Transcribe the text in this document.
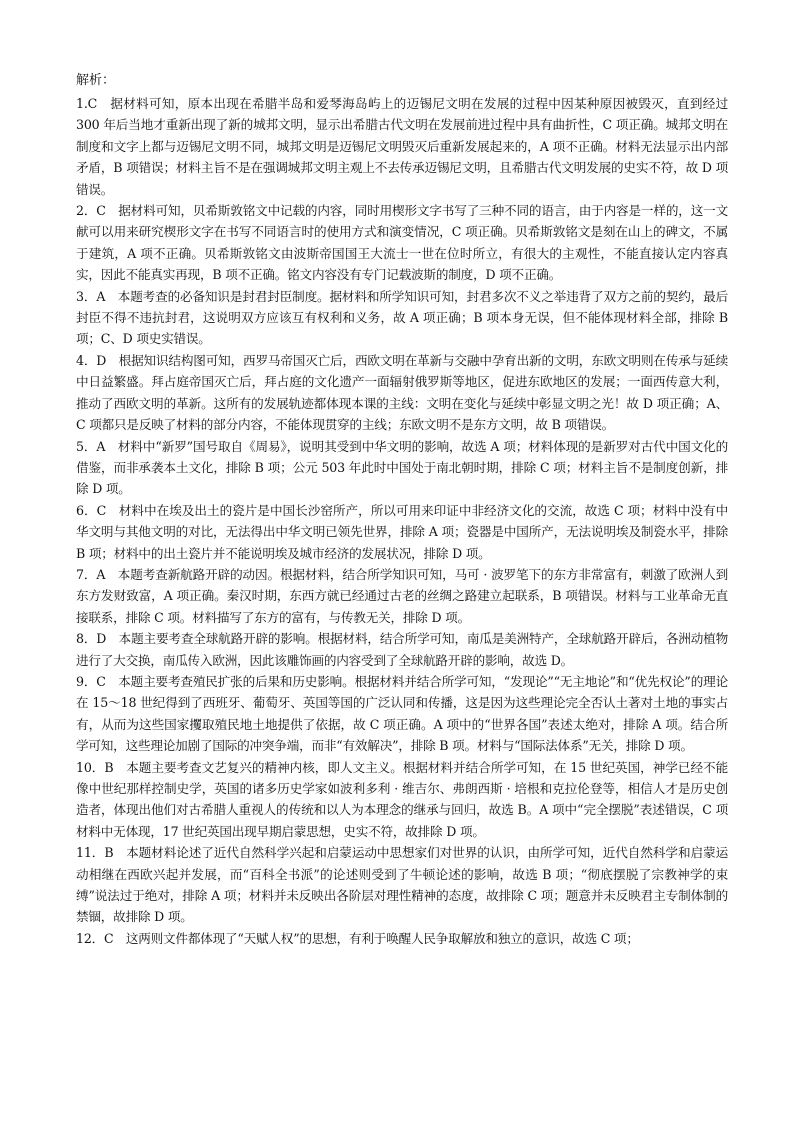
解析：

1.C　据材料可知，原本出现在希腊半岛和爱琴海岛屿上的迈锡尼文明在发展的过程中因某种原因被毁灭，直到经过 300 年后当地才重新出现了新的城邦文明，显示出希腊古代文明在发展前进过程中具有曲折性，C 项正确。城邦文明在制度和文字上都与迈锡尼文明不同，城邦文明是迈锡尼文明毁灭后重新发展起来的，A 项不正确。材料无法显示出内部矛盾，B 项错误；材料主旨不是在强调城邦文明主观上不去传承迈锡尼文明，且希腊古代文明发展的史实不符，故 D 项错误。

2．C　据材料可知，贝希斯敦铭文中记载的内容，同时用楔形文字书写了三种不同的语言，由于内容是一样的，这一文献可以用来研究楔形文字在书写不同语言时的使用方式和演变情况，C 项正确。贝希斯敦铭文是刻在山上的碑文，不属于建筑，A 项不正确。贝希斯敦铭文由波斯帝国国王大流士一世在位时所立，有很大的主观性，不能直接认定内容真实，因此不能真实再现，B 项不正确。铭文内容没有专门记载波斯的制度，D 项不正确。

3．A　本题考查的必备知识是封君封臣制度。据材料和所学知识可知，封君多次不义之举违背了双方之前的契约，最后封臣不得不违抗封君，这说明双方应该互有权利和义务，故 A 项正确；B 项本身无误，但不能体现材料全部，排除 B 项；C、D 项史实错误。

4．D　根据知识结构图可知，西罗马帝国灭亡后，西欧文明在革新与交融中孕育出新的文明，东欧文明则在传承与延续中日益繁盛。拜占庭帝国灭亡后，拜占庭的文化遗产一面辐射俄罗斯等地区，促进东欧地区的发展；一面西传意大利，推动了西欧文明的革新。这所有的发展轨迹都体现本课的主线：文明在变化与延续中彰显文明之光！故 D 项正确；A、C 项都只是反映了材料的部分内容，不能体现贯穿的主线；东欧文明不是东方文明，故 B 项错误。

5．A　材料中“新罗”国号取自《周易》，说明其受到中华文明的影响，故选 A 项；材料体现的是新罗对古代中国文化的借鉴，而非承袭本土文化，排除 B 项；公元 503 年此时中国处于南北朝时期，排除 C 项；材料主旨不是制度创新，排除 D 项。

6．C　材料中在埃及出土的瓷片是中国长沙窑所产，所以可用来印证中非经济文化的交流，故选 C 项；材料中没有中华文明与其他文明的对比，无法得出中华文明已领先世界，排除 A 项；瓷器是中国所产，无法说明埃及制瓷水平，排除 B 项；材料中的出土瓷片并不能说明埃及城市经济的发展状况，排除 D 项。

7．A　本题考查新航路开辟的动因。根据材料，结合所学知识可知，马可 · 波罗笔下的东方非常富有，刺激了欧洲人到东方发财致富，A 项正确。秦汉时期，东西方就已经通过古老的丝绸之路建立起联系，B 项错误。材料与工业革命无直接联系，排除 C 项。材料描写了东方的富有，与传教无关，排除 D 项。

8．D　本题主要考查全球航路开辟的影响。根据材料，结合所学可知，南瓜是美洲特产，全球航路开辟后，各洲动植物进行了大交换，南瓜传入欧洲，因此该雕饰画的内容受到了全球航路开辟的影响，故选 D。

9．C　本题主要考查殖民扩张的后果和历史影响。根据材料并结合所学可知，“发现论”“无主地论”和“优先权论”的理论在 15～18 世纪得到了西班牙、葡萄牙、英国等国的广泛认同和传播，这是因为这些理论完全否认土著对土地的事实占有，从而为这些国家攫取殖民地土地提供了依据，故 C 项正确。A 项中的“世界各国”表述太绝对，排除 A 项。结合所学可知，这些理论加剧了国际的冲突争端，而非“有效解决”，排除 B 项。材料与“国际法体系”无关，排除 D 项。

10．B　本题主要考查文艺复兴的精神内核，即人文主义。根据材料并结合所学可知，在 15 世纪英国，神学已经不能像中世纪那样控制史学，英国的诸多历史学家如波利多利 · 维吉尔、弗朗西斯 · 培根和克拉伦登等，相信人才是历史创造者，体现出他们对古希腊人重视人的传统和以人为本理念的继承与回归，故选 B。A 项中“完全摆脱”表述错误，C 项材料中无体现，17 世纪英国出现早期启蒙思想，史实不符，故排除 D 项。

11．B　本题材料论述了近代自然科学兴起和启蒙运动中思想家们对世界的认识，由所学可知，近代自然科学和启蒙运动相继在西欧兴起并发展，而“百科全书派”的论述则受到了牛顿论述的影响，故选 B 项；“彻底摆脱了宗教神学的束缚”说法过于绝对，排除 A 项；材料并未反映出各阶层对理性精神的态度，故排除 C 项；题意并未反映君主专制体制的禁锢，故排除 D 项。

12．C　这两则文件都体现了“天赋人权”的思想，有利于唤醒人民争取解放和独立的意识，故选 C 项；
